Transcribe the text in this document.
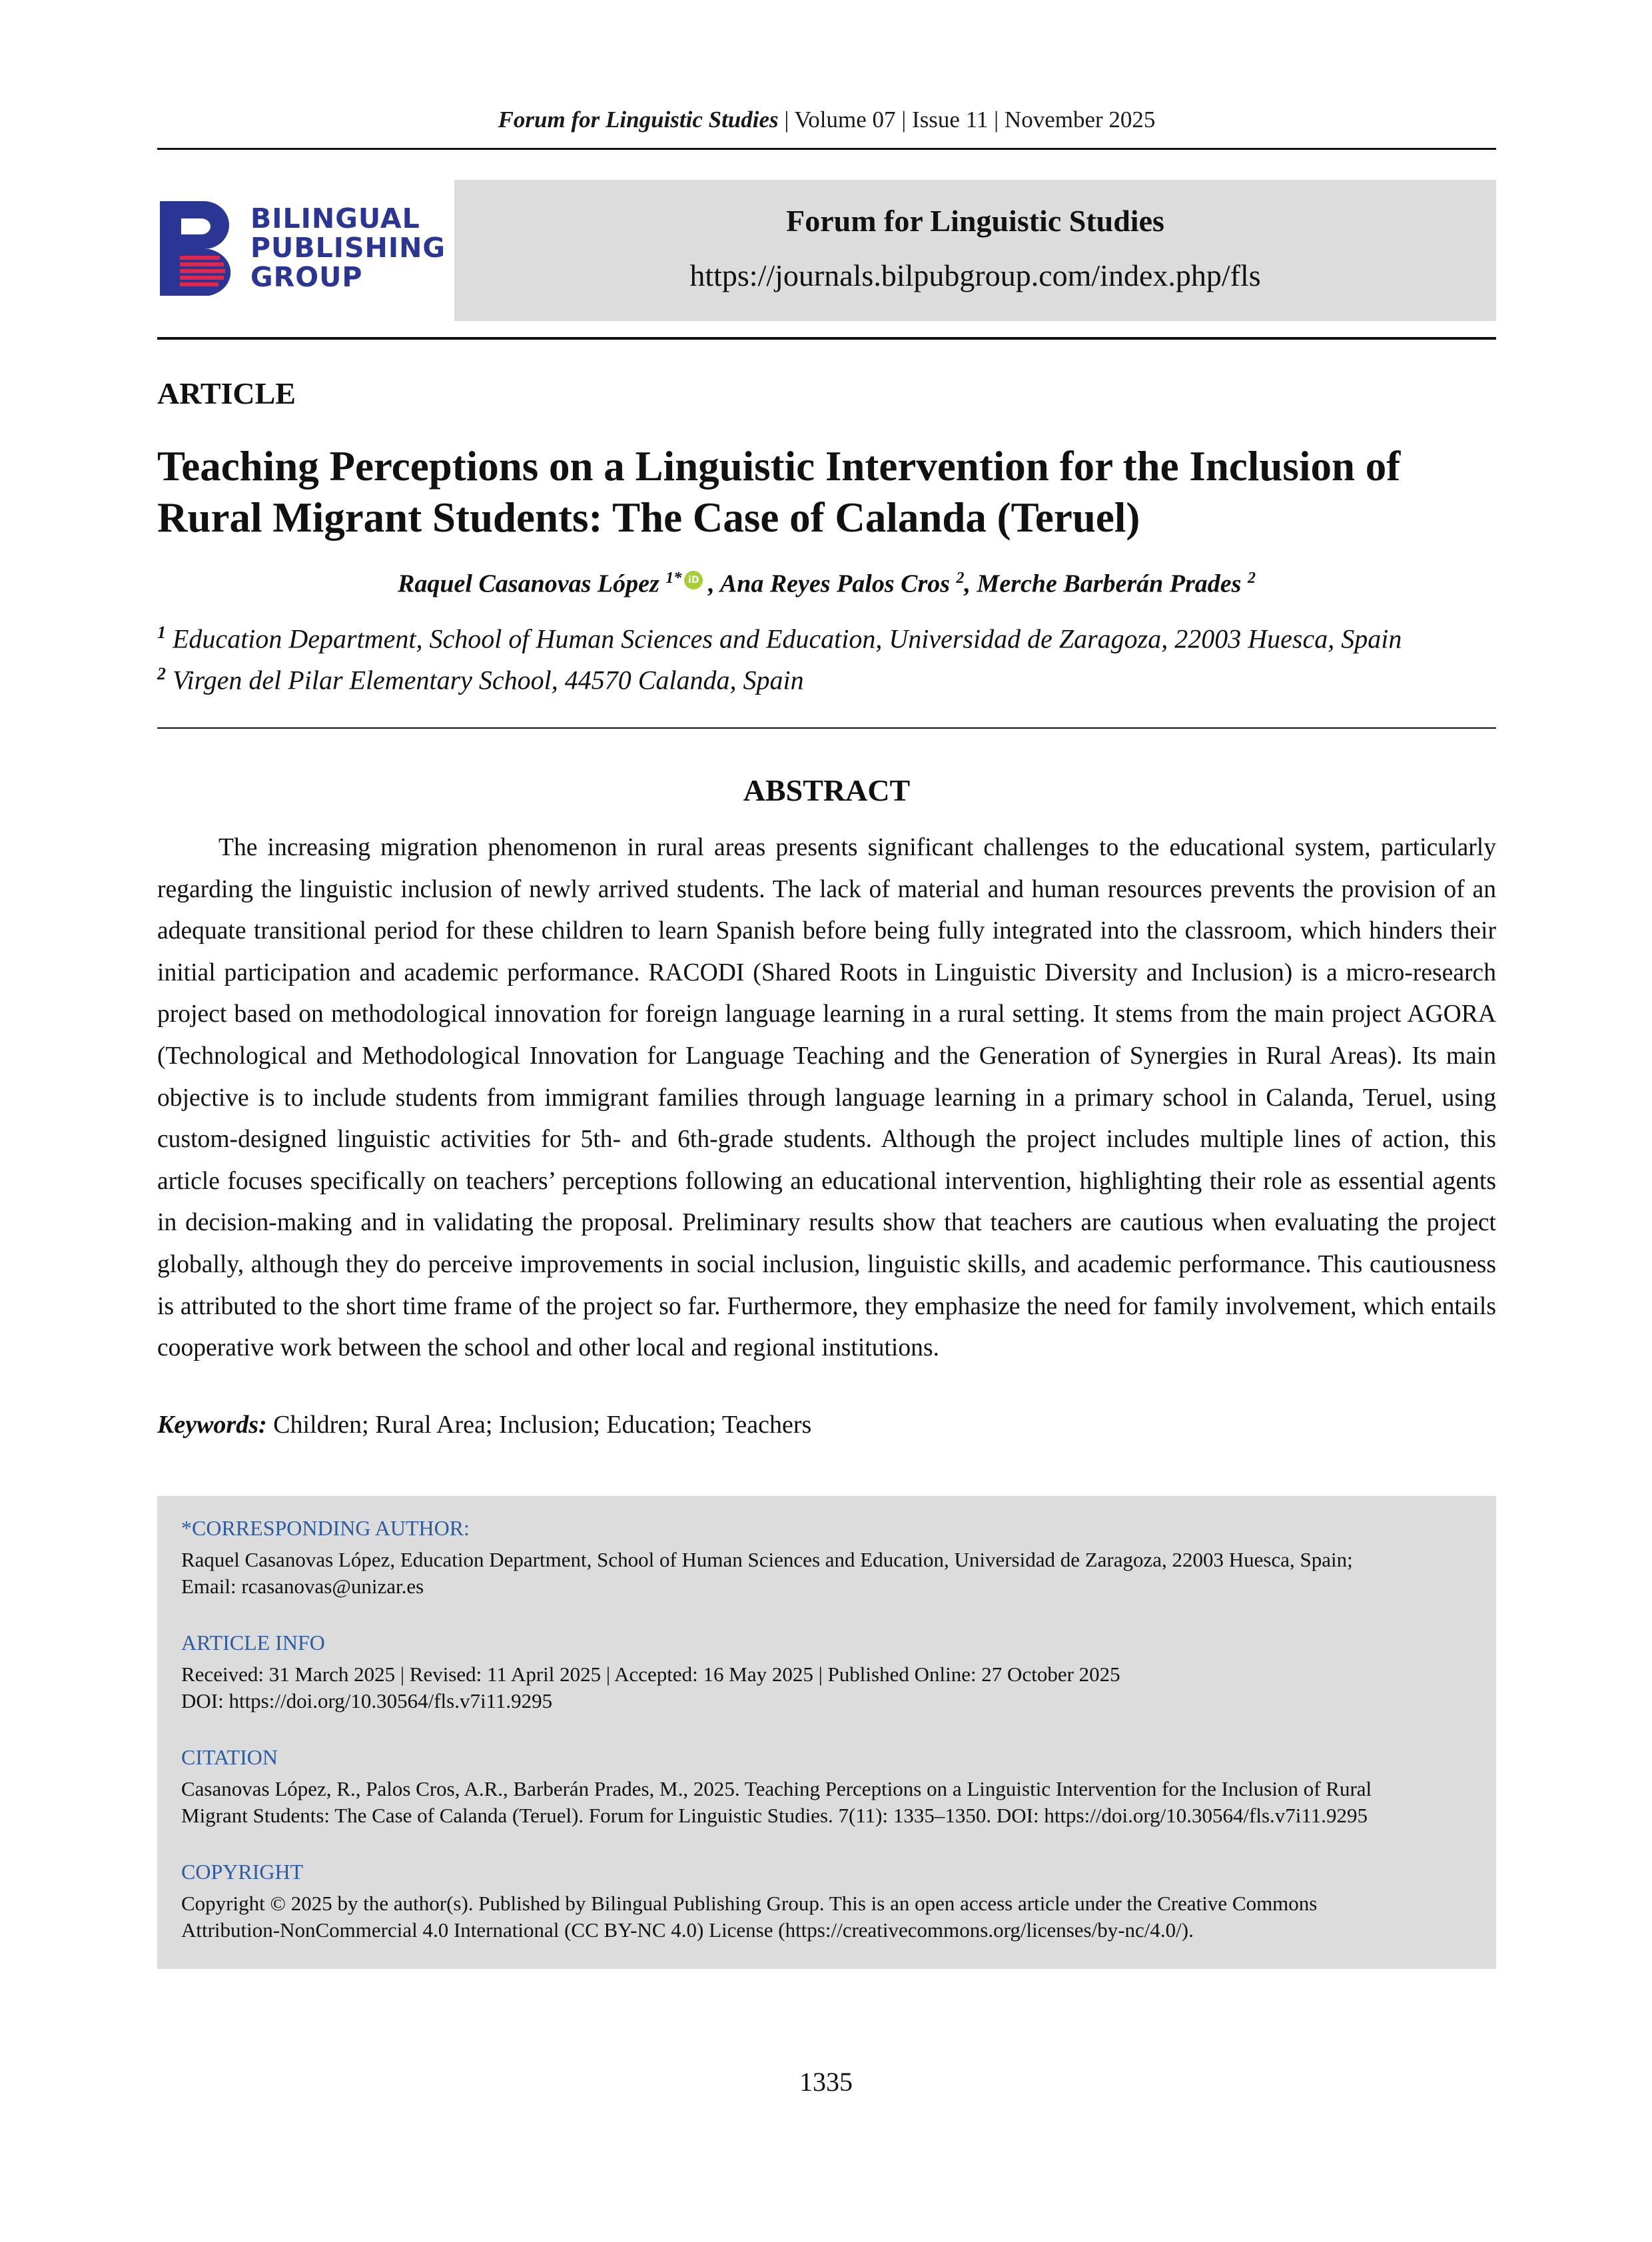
Forum for Linguistic Studies | Volume 07 | Issue 11 | November 2025
BILINGUAL
PUBLISHING
GROUP
Forum for Linguistic Studies
https://journals.bilpubgroup.com/index.php/fls
ARTICLE
Teaching Perceptions on a Linguistic Intervention for the Inclusion of
Rural Migrant Students: The Case of Calanda (Teruel)
Raquel Casanovas López $^{1*}$ iD , Ana Reyes Palos Cros $^2$, Merche Barberán Prades $^2$
$^1$ Education Department, School of Human Sciences and Education, Universidad de Zaragoza, 22003 Huesca, Spain
$^2$ Virgen del Pilar Elementary School, 44570 Calanda, Spain
ABSTRACT
The increasing migration phenomenon in rural areas presents significant challenges to the educational system, particularly regarding the linguistic inclusion of newly arrived students. The lack of material and human resources prevents the provision of an adequate transitional period for these children to learn Spanish before being fully integrated into the classroom, which hinders their initial participation and academic performance. RACODI (Shared Roots in Linguistic Diversity and Inclusion) is a micro-research project based on methodological innovation for foreign language learning in a rural setting. It stems from the main project AGORA (Technological and Methodological Innovation for Language Teaching and the Generation of Synergies in Rural Areas). Its main objective is to include students from immigrant families through language learning in a primary school in Calanda, Teruel, using custom-designed linguistic activities for 5th- and 6th-grade students. Although the project includes multiple lines of action, this article focuses specifically on teachers’ perceptions following an educational intervention, highlighting their role as essential agents in decision-making and in validating the proposal. Preliminary results show that teachers are cautious when evaluating the project globally, although they do perceive improvements in social inclusion, linguistic skills, and academic performance. This cautiousness is attributed to the short time frame of the project so far. Furthermore, they emphasize the need for family involvement, which entails cooperative work between the school and other local and regional institutions.
Keywords: Children; Rural Area; Inclusion; Education; Teachers
*CORRESPONDING AUTHOR:
Raquel Casanovas López, Education Department, School of Human Sciences and Education, Universidad de Zaragoza, 22003 Huesca, Spain;
Email: rcasanovas@unizar.es
ARTICLE INFO
Received: 31 March 2025 | Revised: 11 April 2025 | Accepted: 16 May 2025 | Published Online: 27 October 2025
DOI: https://doi.org/10.30564/fls.v7i11.9295
CITATION
Casanovas López, R., Palos Cros, A.R., Barberán Prades, M., 2025. Teaching Perceptions on a Linguistic Intervention for the Inclusion of Rural
Migrant Students: The Case of Calanda (Teruel). Forum for Linguistic Studies. 7(11): 1335–1350. DOI: https://doi.org/10.30564/fls.v7i11.9295
COPYRIGHT
Copyright © 2025 by the author(s). Published by Bilingual Publishing Group. This is an open access article under the Creative Commons
Attribution-NonCommercial 4.0 International (CC BY-NC 4.0) License (https://creativecommons.org/licenses/by-nc/4.0/).
1335
